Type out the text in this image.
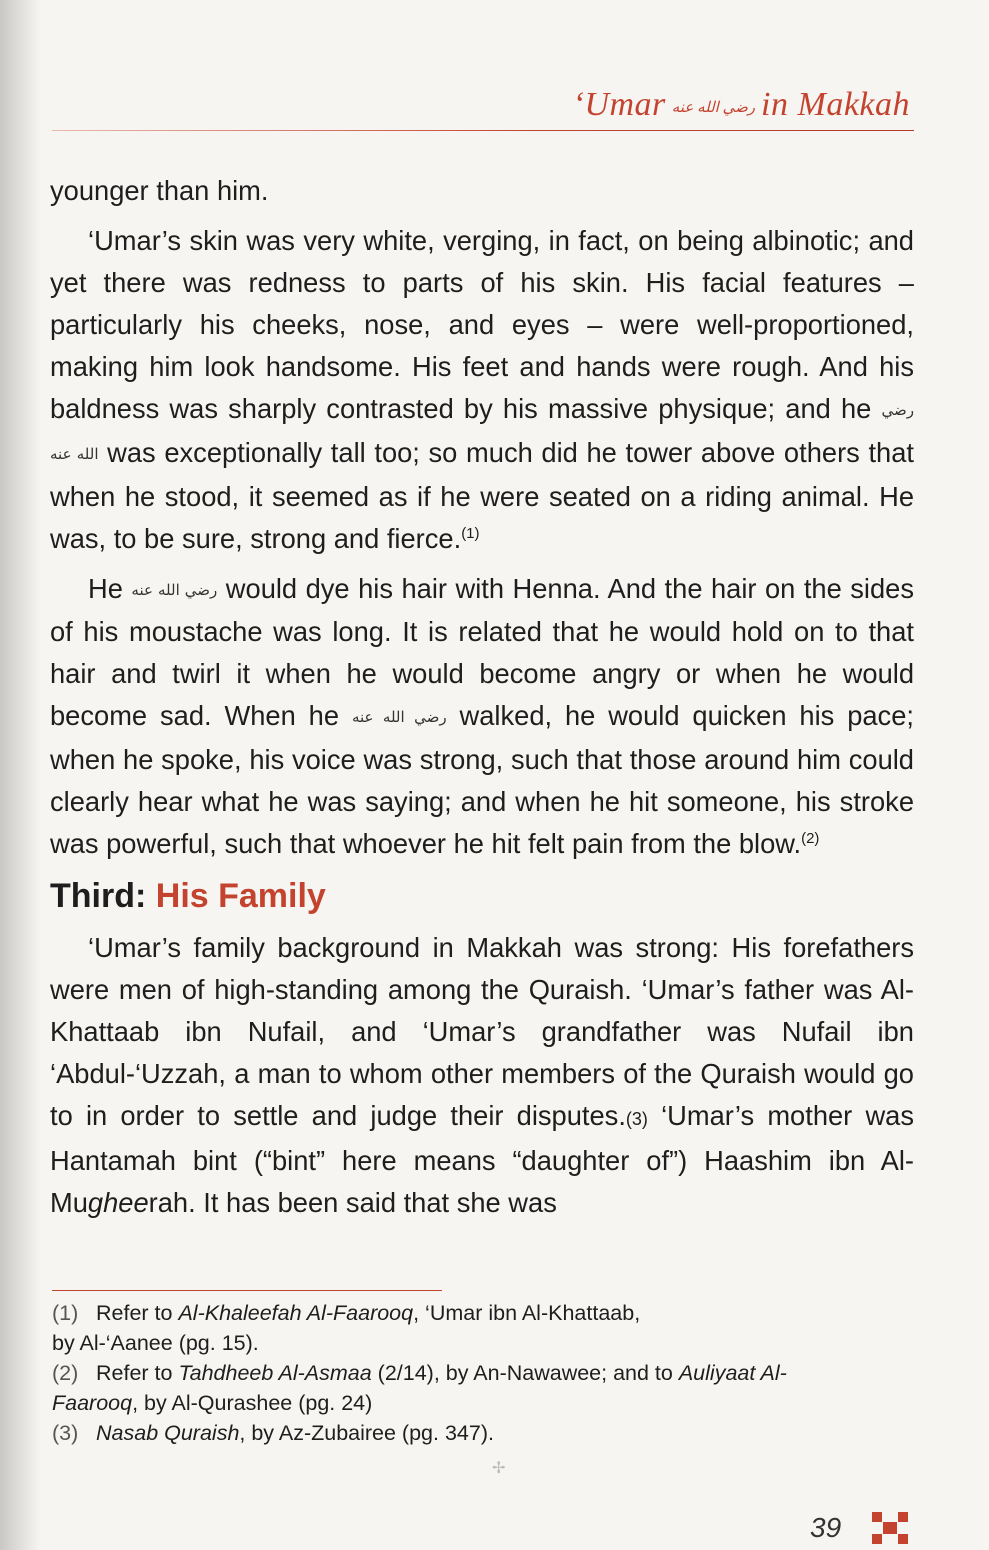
‘Umar رضي الله عنه in Makkah

younger than him.

‘Umar’s skin was very white, verging, in fact, on being albinotic; and yet there was redness to parts of his skin. His facial features – particularly his cheeks, nose, and eyes – were well-proportioned, making him look handsome. His feet and hands were rough. And his baldness was sharply contrasted by his massive physique; and he رضي الله عنه was exceptionally tall too; so much did he tower above others that when he stood, it seemed as if he were seated on a riding animal. He was, to be sure, strong and fierce.$^{(1)}$

He رضي الله عنه would dye his hair with Henna. And the hair on the sides of his moustache was long. It is related that he would hold on to that hair and twirl it when he would become angry or when he would become sad. When he رضي الله عنه walked, he would quicken his pace; when he spoke, his voice was strong, such that those around him could clearly hear what he was saying; and when he hit someone, his stroke was powerful, such that whoever he hit felt pain from the blow.$^{(2)}$

Third: His Family

‘Umar’s family background in Makkah was strong: His forefathers were men of high-standing among the Quraish. ‘Umar’s father was Al-Khattaab ibn Nufail, and ‘Umar’s grandfather was Nufail ibn ‘Abdul-‘Uzzah, a man to whom other members of the Quraish would go to in order to settle and judge their disputes.(3) ‘Umar’s mother was Hantamah bint (“bint” here means “daughter of”) Haashim ibn Al-Mugheerah. It has been said that she was

(1) Refer to Al-Khaleefah Al-Faarooq, ‘Umar ibn Al-Khattaab,
by Al-‘Aanee (pg. 15).

(2) Refer to Tahdheeb Al-Asmaa (2/14), by An-Nawawee; and to Auliyaat Al-
Faarooq, by Al-Qurashee (pg. 24)

(3) Nasab Quraish, by Az-Zubairee (pg. 347).

✢
39
